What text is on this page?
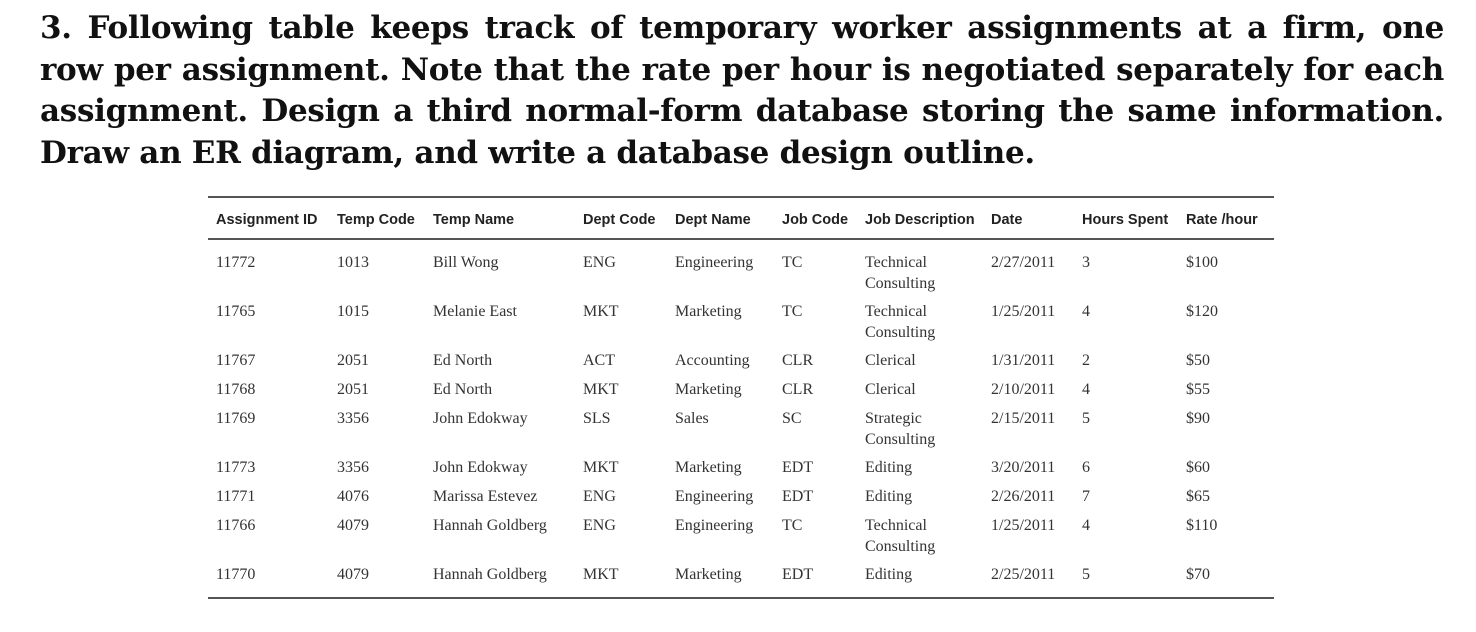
3. Following table keeps track of temporary worker assignments at a firm, one row per assignment. Note that the rate per hour is negotiated separately for each assignment. Design a third normal-form database storing the same information. Draw an ER diagram, and write a database design outline.

Assignment ID	Temp Code	Temp Name	Dept Code	Dept Name	Job Code	Job Description	Date	Hours Spent	Rate /hour
11772	1013	Bill Wong	ENG	Engineering	TC	Technical Consulting	2/27/2011	3	$100
11765	1015	Melanie East	MKT	Marketing	TC	Technical Consulting	1/25/2011	4	$120
11767	2051	Ed North	ACT	Accounting	CLR	Clerical	1/31/2011	2	$50
11768	2051	Ed North	MKT	Marketing	CLR	Clerical	2/10/2011	4	$55
11769	3356	John Edokway	SLS	Sales	SC	Strategic Consulting	2/15/2011	5	$90
11773	3356	John Edokway	MKT	Marketing	EDT	Editing	3/20/2011	6	$60
11771	4076	Marissa Estevez	ENG	Engineering	EDT	Editing	2/26/2011	7	$65
11766	4079	Hannah Goldberg	ENG	Engineering	TC	Technical Consulting	1/25/2011	4	$110
11770	4079	Hannah Goldberg	MKT	Marketing	EDT	Editing	2/25/2011	5	$70
